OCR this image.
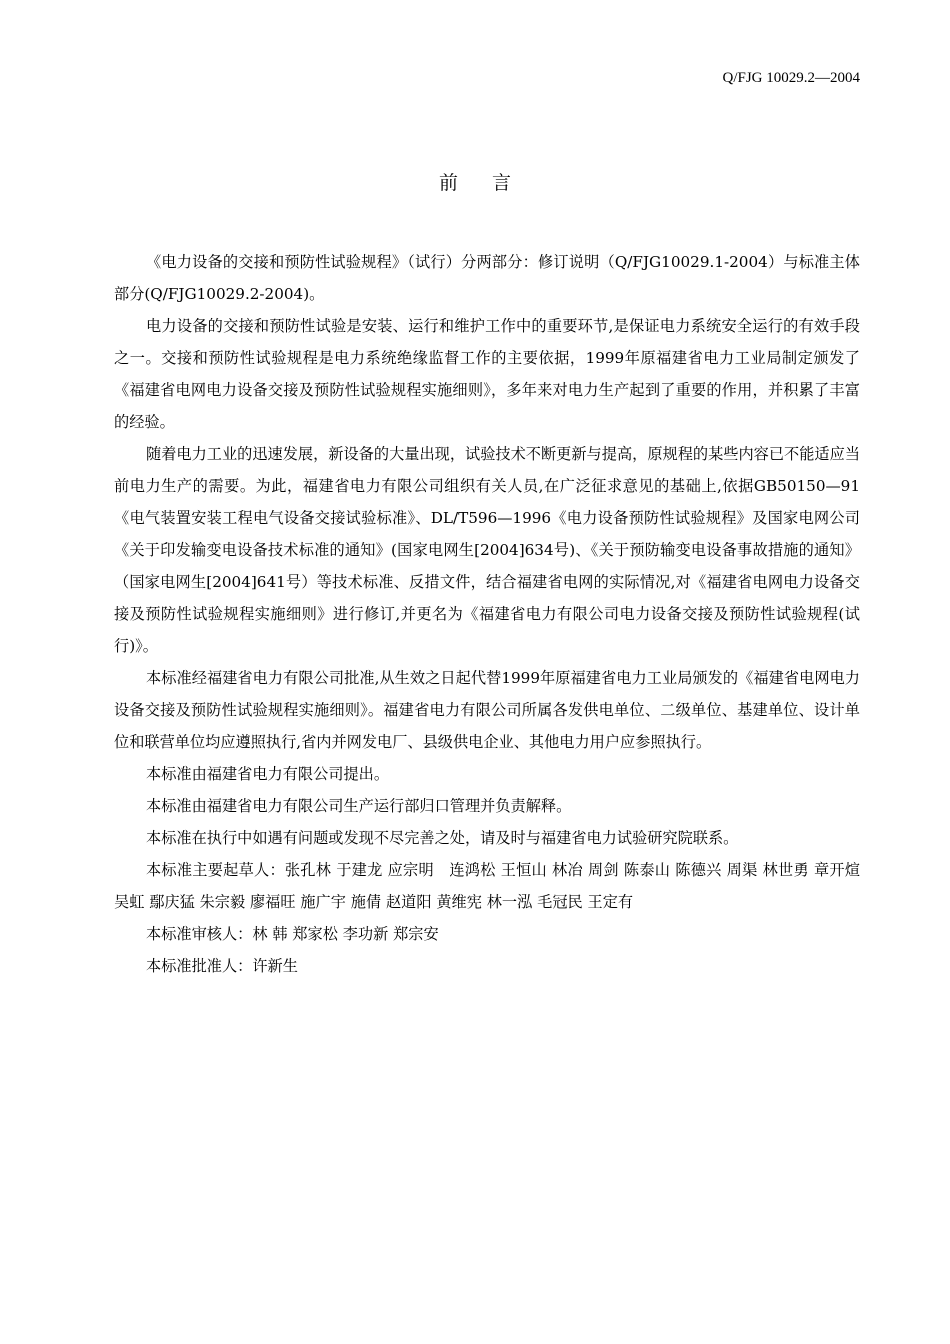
Q/FJG 10029.2—2004
前言

《电力设备的交接和预防性试验规程》（试行）分两部分：修订说明（Q/FJG10029.1-2004）与标准主体部分(Q/FJG10029.2-2004)。

电力设备的交接和预防性试验是安装、运行和维护工作中的重要环节,是保证电力系统安全运行的有效手段之一。交接和预防性试验规程是电力系统绝缘监督工作的主要依据，1999年原福建省电力工业局制定颁发了《福建省电网电力设备交接及预防性试验规程实施细则》，多年来对电力生产起到了重要的作用，并积累了丰富的经验。

随着电力工业的迅速发展，新设备的大量出现，试验技术不断更新与提高，原规程的某些内容已不能适应当前电力生产的需要。为此，福建省电力有限公司组织有关人员,在广泛征求意见的基础上,依据GB50150—91《电气装置安装工程电气设备交接试验标准》、DL/T596—1996《电力设备预防性试验规程》及国家电网公司《关于印发输变电设备技术标准的通知》(国家电网生[2004]634号)、《关于预防输变电设备事故措施的通知》（国家电网生[2004]641号）等技术标准、反措文件，结合福建省电网的实际情况,对《福建省电网电力设备交接及预防性试验规程实施细则》进行修订,并更名为《福建省电力有限公司电力设备交接及预防性试验规程(试行)》。

本标准经福建省电力有限公司批准,从生效之日起代替1999年原福建省电力工业局颁发的《福建省电网电力设备交接及预防性试验规程实施细则》。福建省电力有限公司所属各发供电单位、二级单位、基建单位、设计单位和联营单位均应遵照执行,省内并网发电厂、县级供电企业、其他电力用户应参照执行。

本标准由福建省电力有限公司提出。

本标准由福建省电力有限公司生产运行部归口管理并负责解释。

本标准在执行中如遇有问题或发现不尽完善之处，请及时与福建省电力试验研究院联系。

本标准主要起草人：张孔林 于建龙 应宗明　连鸿松 王恒山 林冶 周剑 陈泰山 陈德兴 周渠 林世勇 章开煊　吴虹 鄢庆猛 朱宗毅 廖福旺 施广宇 施倩 赵道阳 黄维宪 林一泓 毛冠民 王定有

本标准审核人：林 韩 郑家松 李功新 郑宗安

本标准批准人：许新生
